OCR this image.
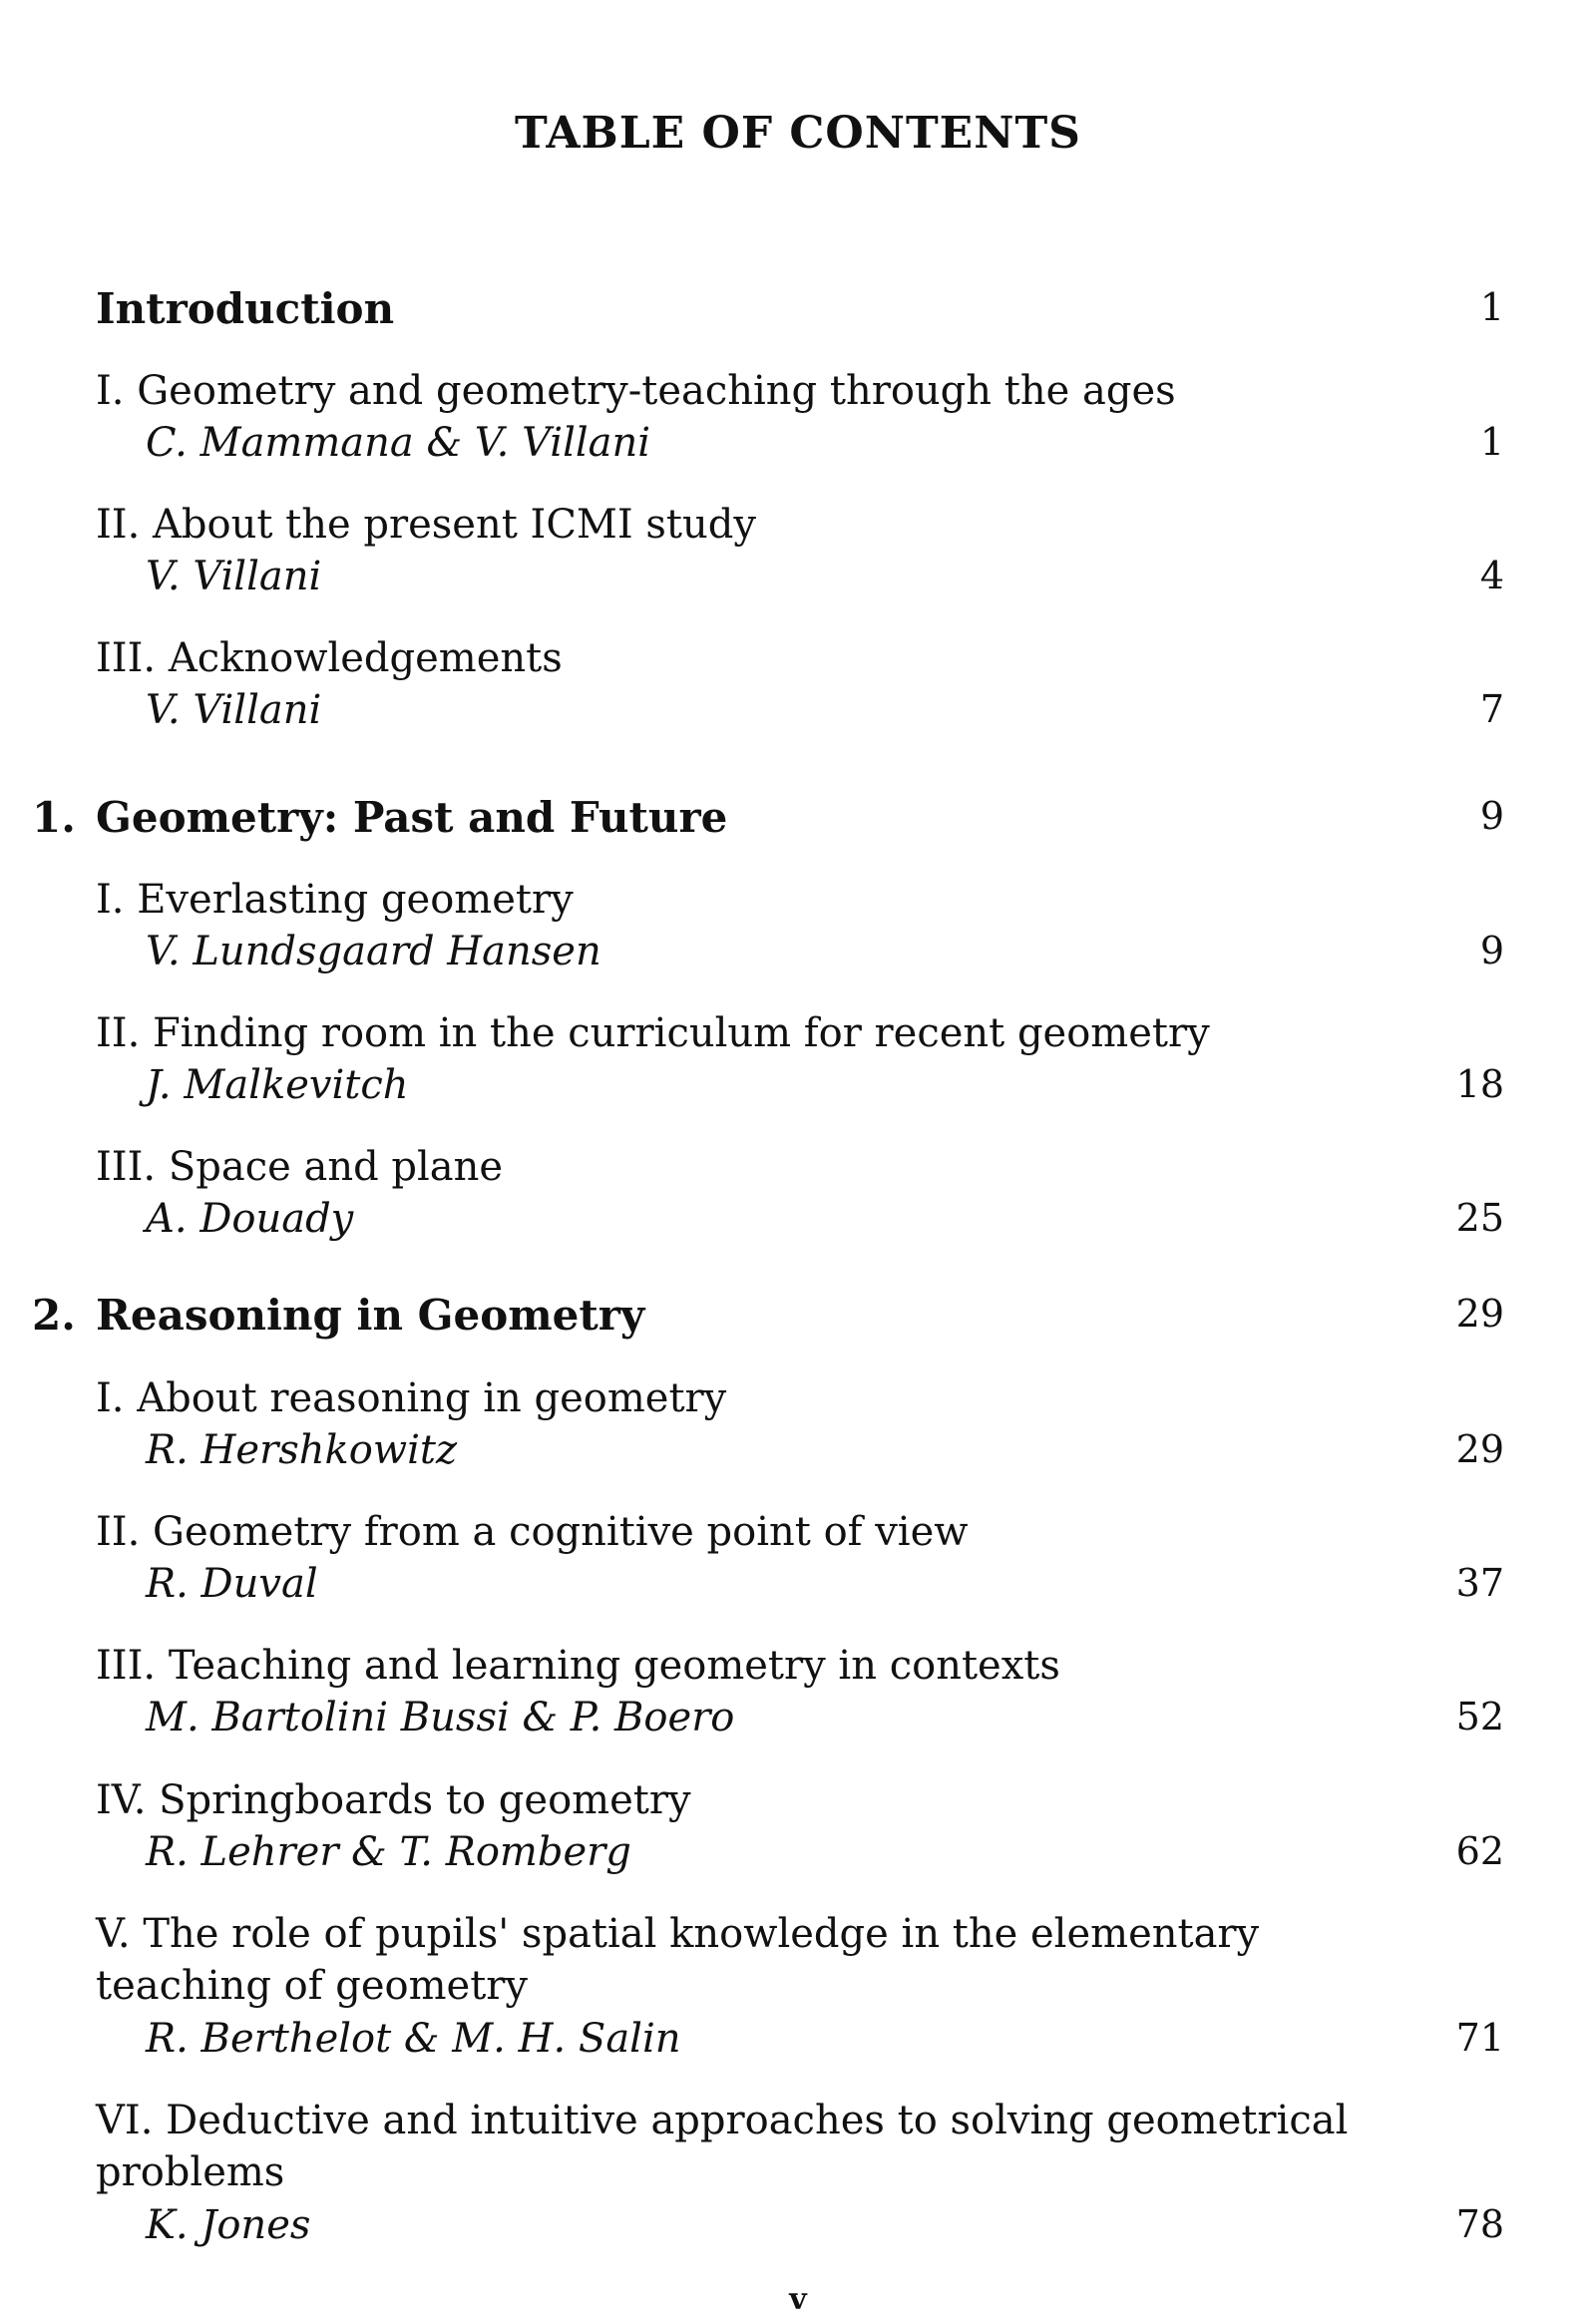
TABLE OF CONTENTS
Introduction	1
I. Geometry and geometry-teaching through the ages
C. Mammana & V. Villani	1
II. About the present ICMI study
V. Villani	4
III. Acknowledgements
V. Villani	7
1. Geometry: Past and Future	9
I. Everlasting geometry
V. Lundsgaard Hansen	9
II. Finding room in the curriculum for recent geometry
J. Malkevitch	18
III. Space and plane
A. Douady	25
2. Reasoning in Geometry	29
I. About reasoning in geometry
R. Hershkowitz	29
II. Geometry from a cognitive point of view
R. Duval	37
III. Teaching and learning geometry in contexts
M. Bartolini Bussi & P. Boero	52
IV. Springboards to geometry
R. Lehrer & T. Romberg	62
V. The role of pupils' spatial knowledge in the elementary teaching of geometry
R. Berthelot & M. H. Salin	71
VI. Deductive and intuitive approaches to solving geometrical problems
K. Jones	78
v
